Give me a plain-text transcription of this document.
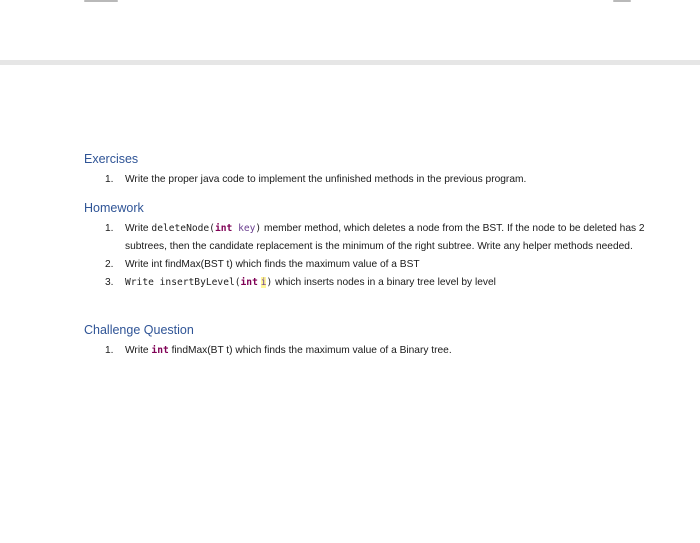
Exercises

1. Write the proper java code to implement the unfinished methods in the previous program.

Homework

1. Write deleteNode(int key) member method, which deletes a node from the BST. If the node to be deleted has 2 subtrees, then the candidate replacement is the minimum of the right subtree. Write any helper methods needed.
2. Write int findMax(BST t) which finds the maximum value of a BST
3. Write insertByLevel(int i) which inserts nodes in a binary tree level by level

Challenge Question

1. Write int findMax(BT t) which finds the maximum value of a Binary tree.
